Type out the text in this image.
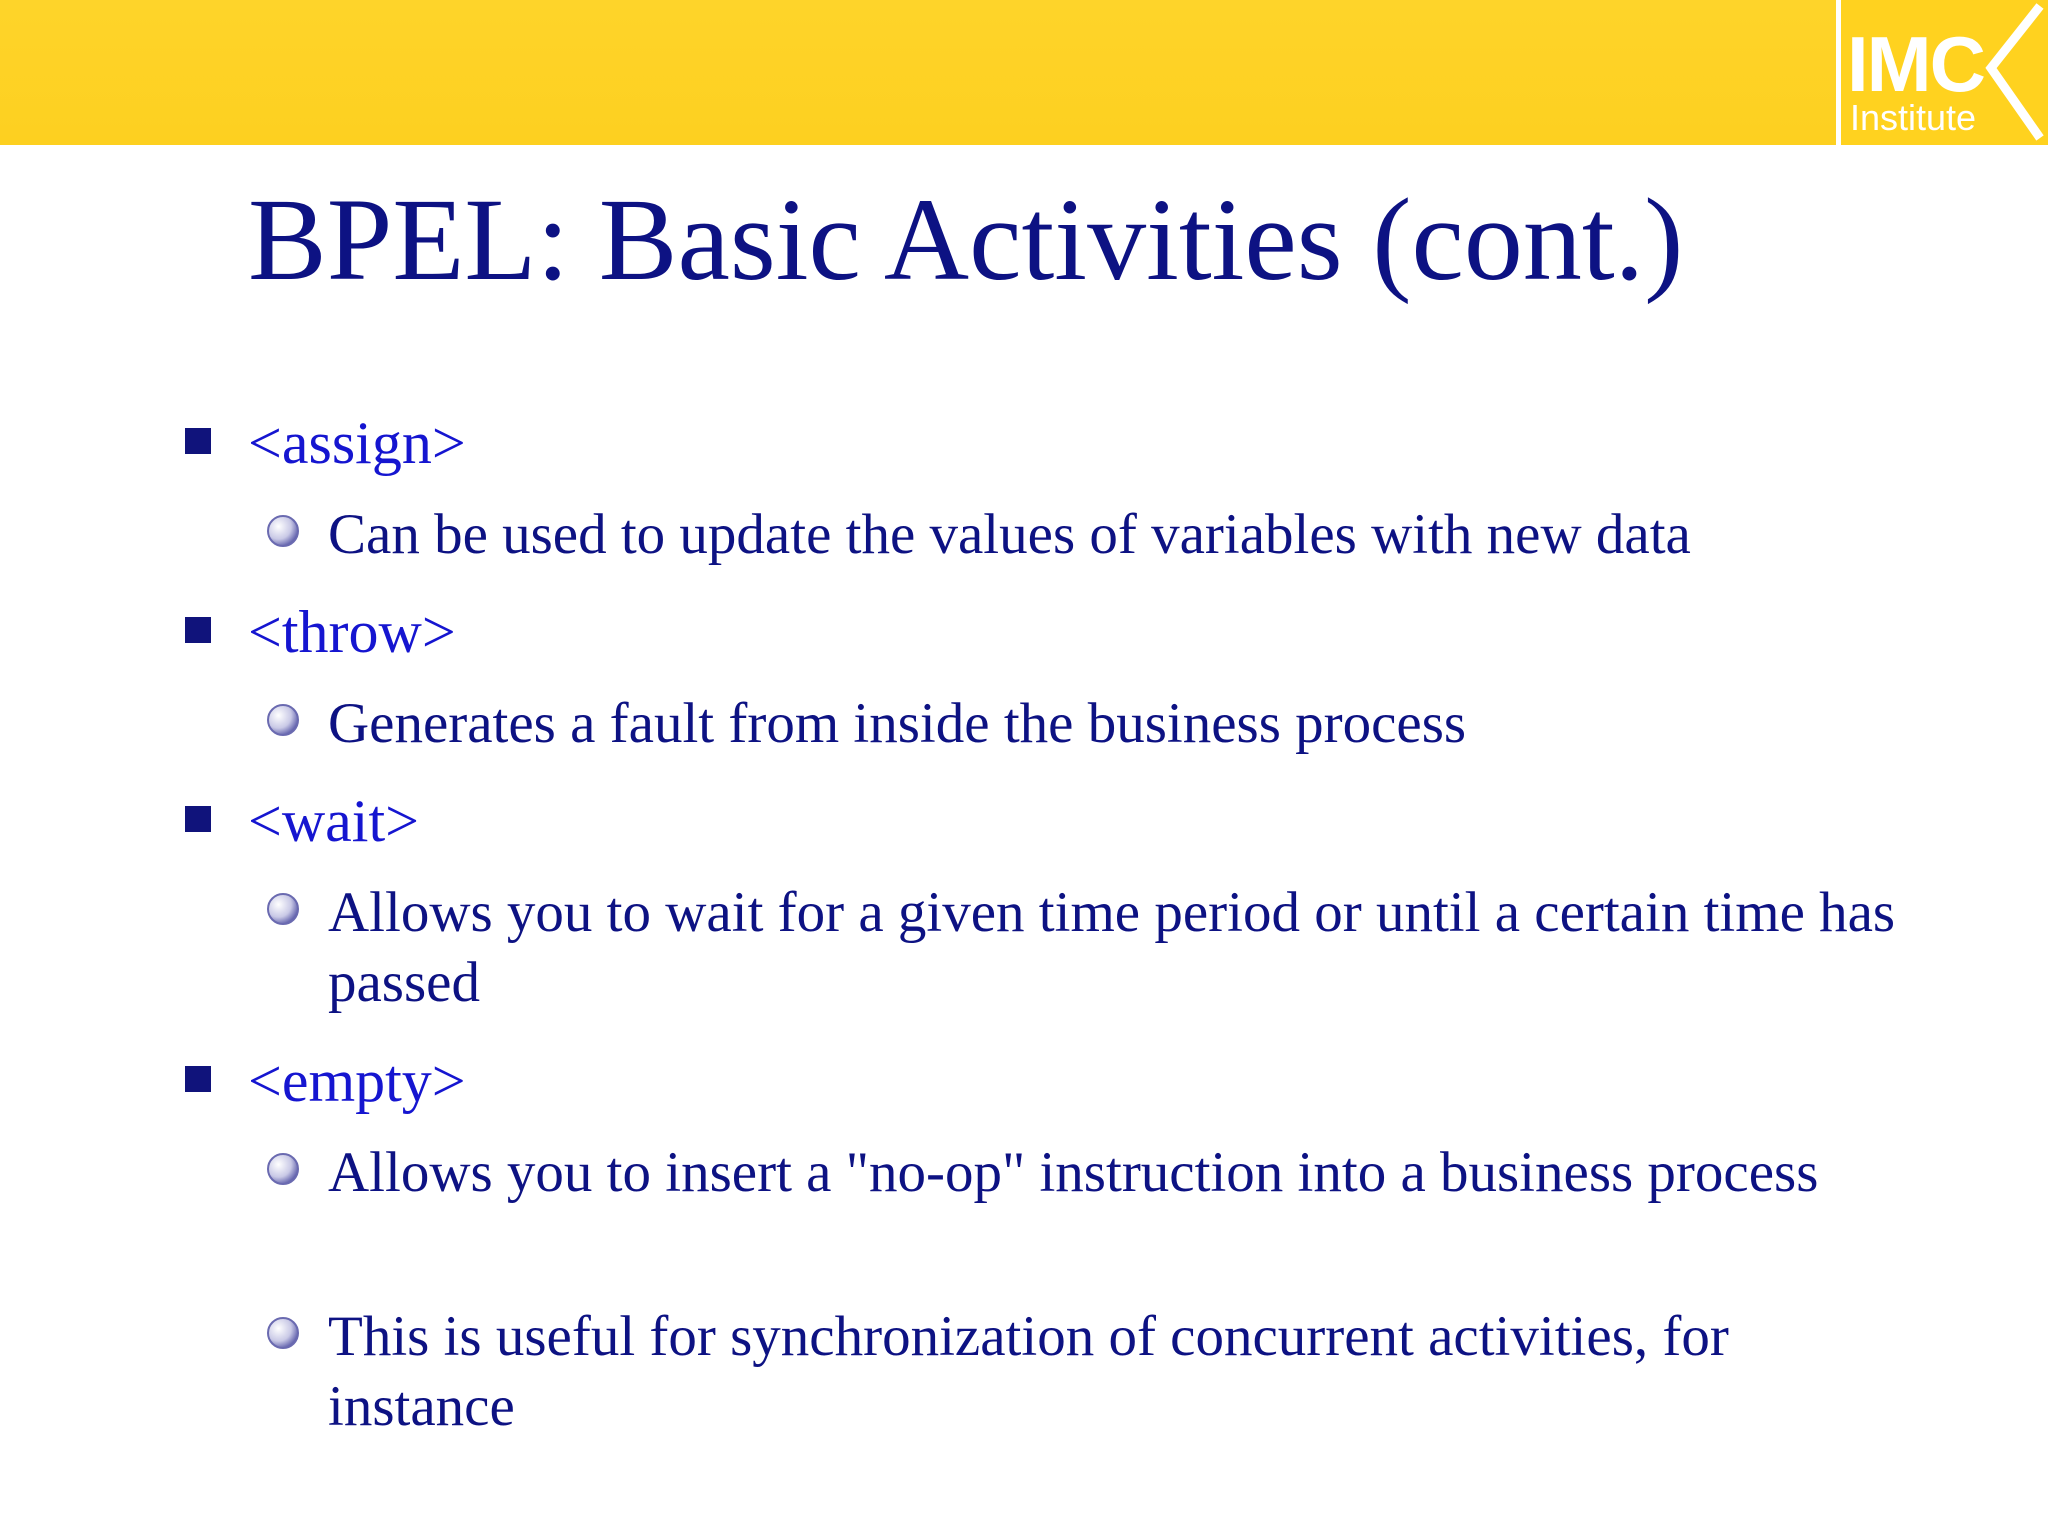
IMC
Institute
BPEL: Basic Activities (cont.)
<assign>
Can be used to update the values of variables with new data
<throw>
Generates a fault from inside the business process
<wait>
Allows you to wait for a given time period or until a certain time has passed
<empty>
Allows you to insert a "no-op" instruction into a business process
This is useful for synchronization of concurrent activities, for instance
